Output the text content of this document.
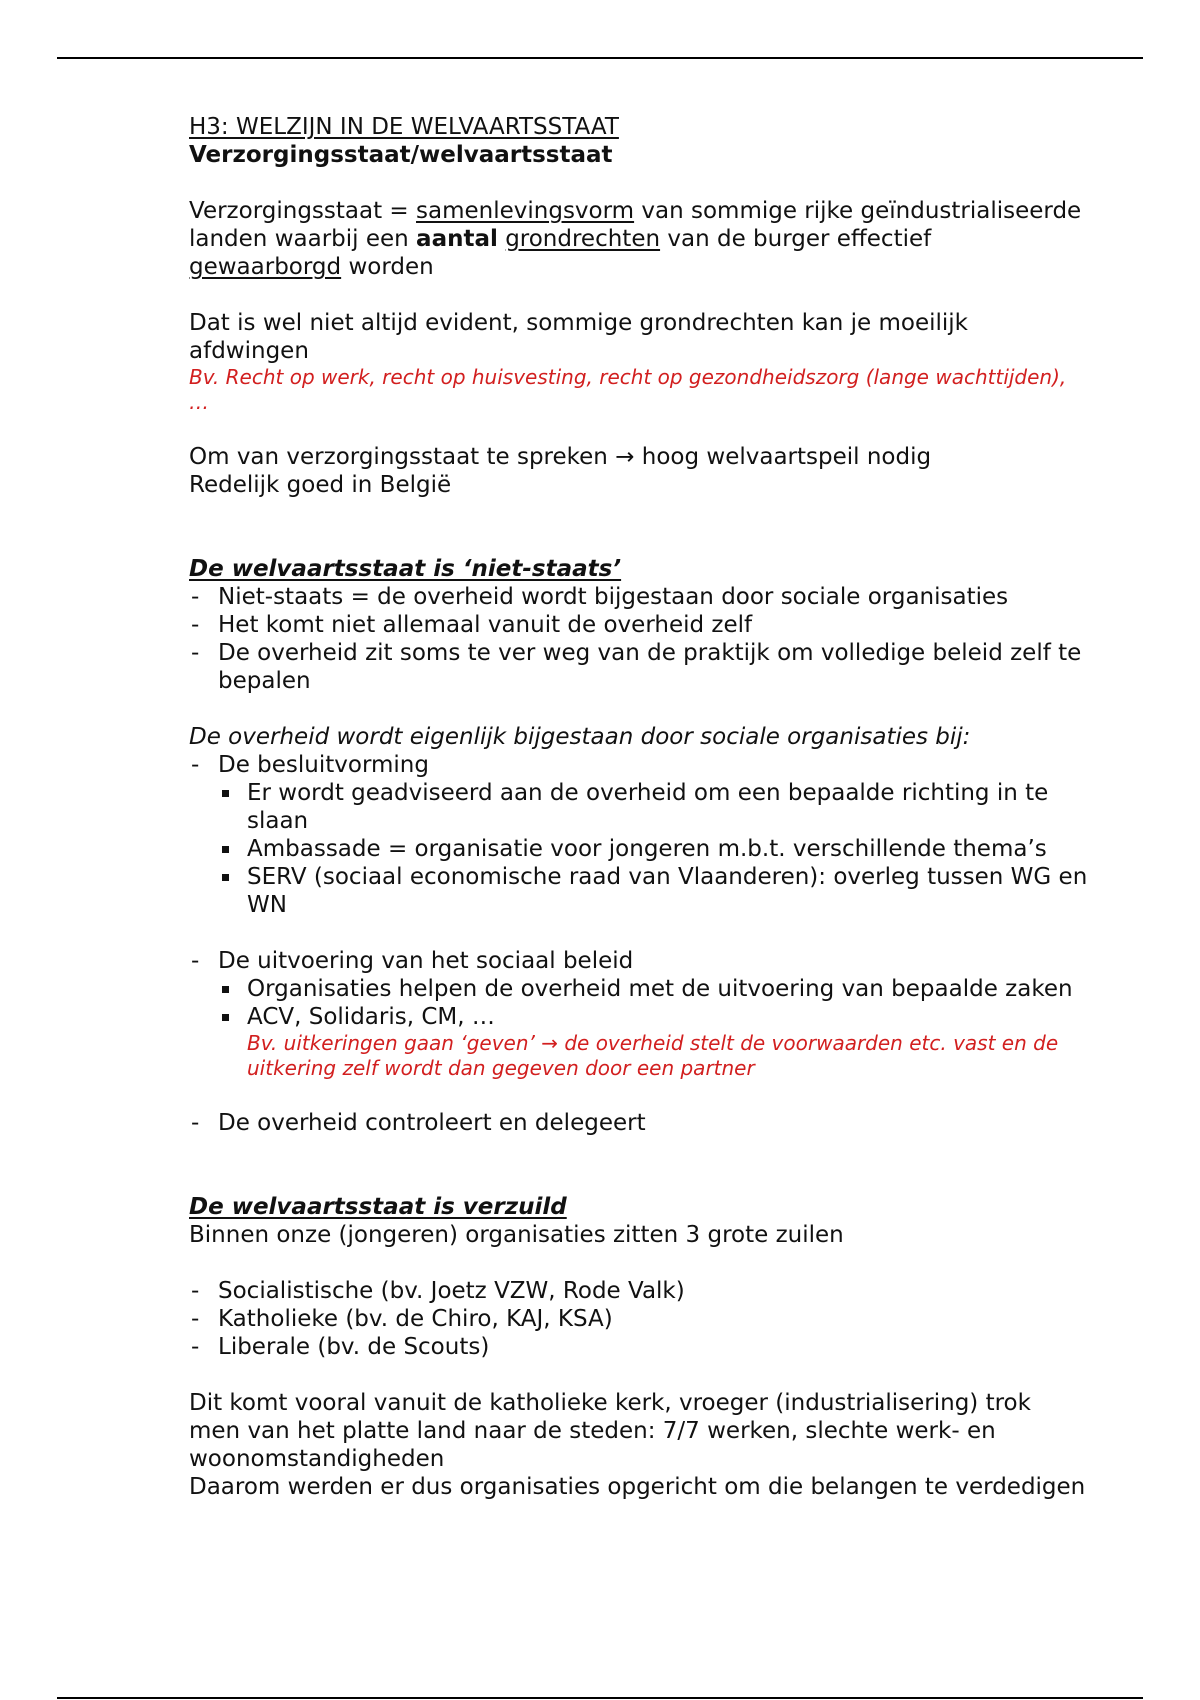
H3: WELZIJN IN DE WELVAARTSSTAAT

Verzorgingsstaat/welvaartsstaat

Verzorgingsstaat = samenlevingsvorm van sommige rijke geïndustrialiseerde landen waarbij een aantal grondrechten van de burger effectief gewaarborgd worden

Dat is wel niet altijd evident, sommige grondrechten kan je moeilijk afdwingen

Bv. Recht op werk, recht op huisvesting, recht op gezondheidszorg (lange wachttijden), …

Om van verzorgingsstaat te spreken → hoog welvaartspeil nodig

Redelijk goed in België

De welvaartsstaat is ‘niet-staats’

- Niet-staats = de overheid wordt bijgestaan door sociale organisaties
- Het komt niet allemaal vanuit de overheid zelf
- De overheid zit soms te ver weg van de praktijk om volledige beleid zelf te bepalen

De overheid wordt eigenlijk bijgestaan door sociale organisaties bij:

- De besluitvorming
Er wordt geadviseerd aan de overheid om een bepaalde richting in te slaan
Ambassade = organisatie voor jongeren m.b.t. verschillende thema’s
SERV (sociaal economische raad van Vlaanderen): overleg tussen WG en WN
- De uitvoering van het sociaal beleid
Organisaties helpen de overheid met de uitvoering van bepaalde zaken
ACV, Solidaris, CM, …

Bv. uitkeringen gaan ‘geven’ → de overheid stelt de voorwaarden etc. vast en de uitkering zelf wordt dan gegeven door een partner

- De overheid controleert en delegeert

De welvaartsstaat is verzuild

Binnen onze (jongeren) organisaties zitten 3 grote zuilen

- Socialistische (bv. Joetz VZW, Rode Valk)
- Katholieke (bv. de Chiro, KAJ, KSA)
- Liberale (bv. de Scouts)

Dit komt vooral vanuit de katholieke kerk, vroeger (industrialisering) trok men van het platte land naar de steden: 7/7 werken, slechte werk- en woonomstandigheden

Daarom werden er dus organisaties opgericht om die belangen te verdedigen
